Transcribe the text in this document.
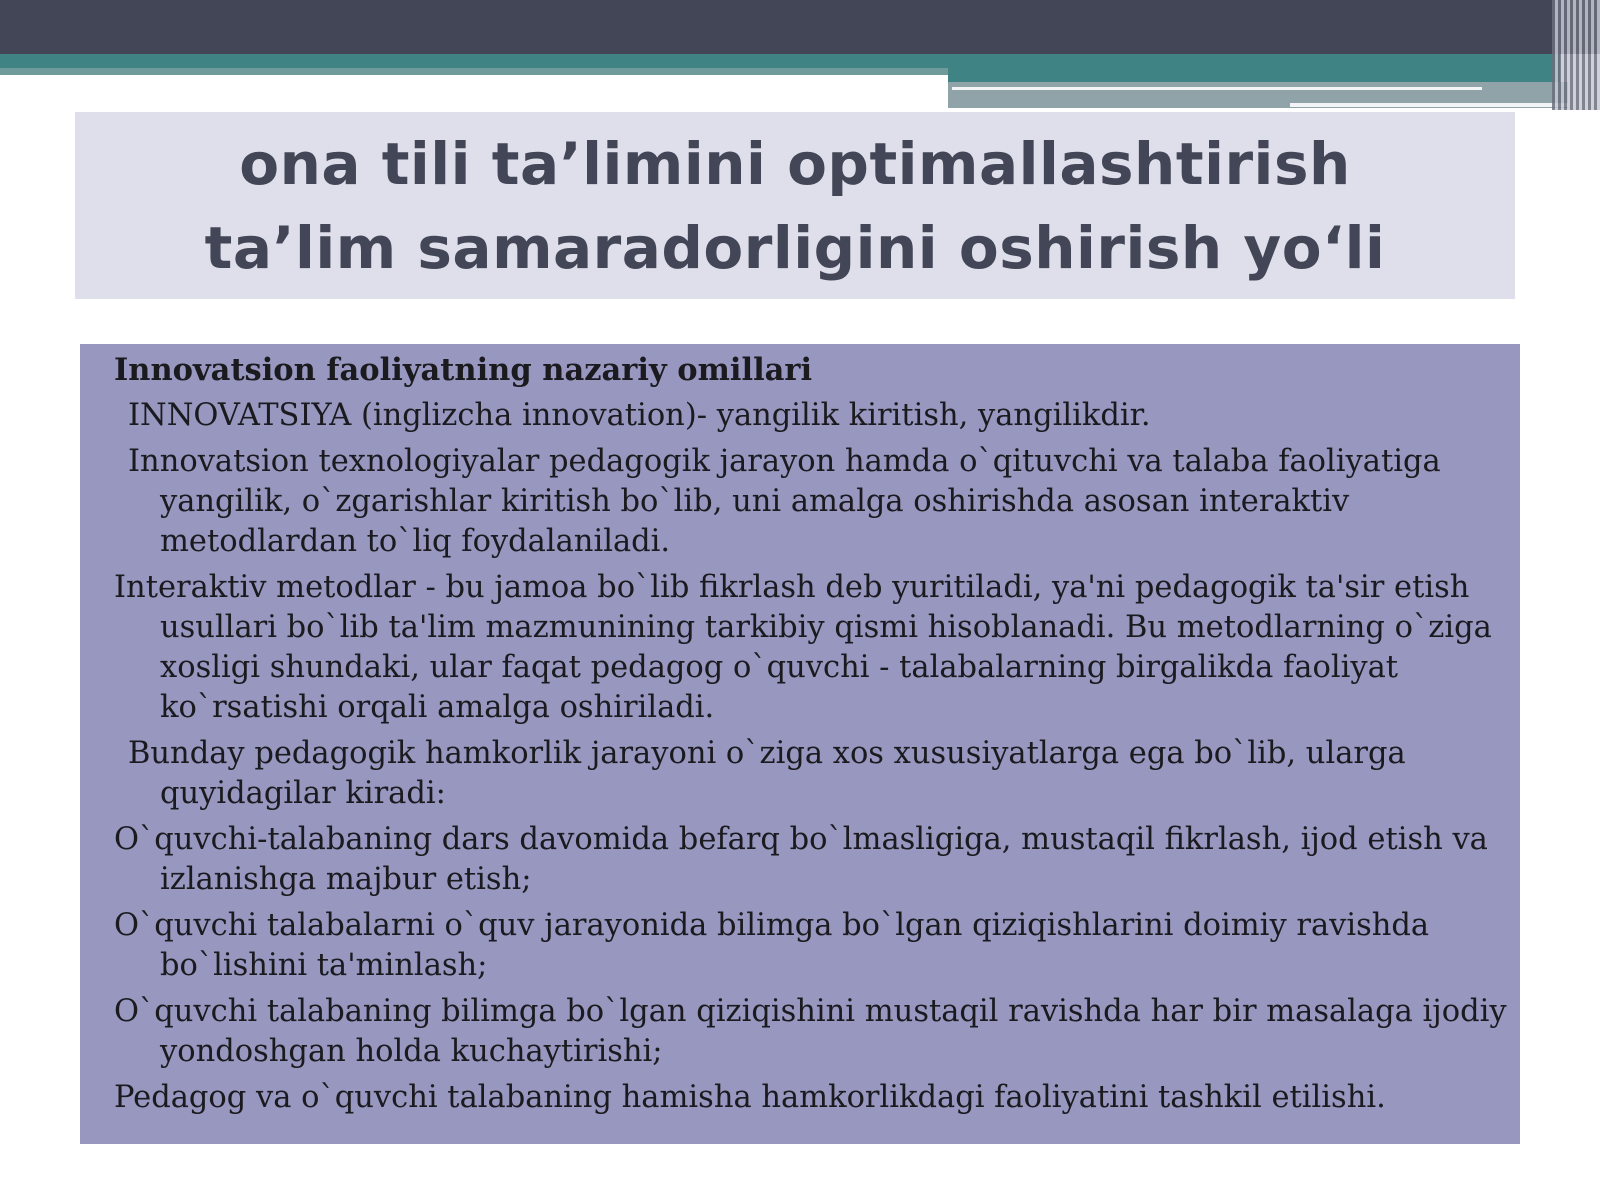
ona tili ta’limini optimallashtirish
ta’lim samaradorligini oshirish yo‘li

Innovatsion faoliyatning nazariy omillari

INNOVATSIYA (inglizcha innovation)- yangilik kiritish, yangilikdir.

Innovatsion texnologiyalar pedagogik jarayon hamda o`qituvchi va talaba faoliyatiga yangilik, o`zgarishlar kiritish bo`lib, uni amalga oshirishda asosan interaktiv metodlardan to`liq foydalaniladi.

Interaktiv metodlar - bu jamoa bo`lib fikrlash deb yuritiladi, ya'ni pedagogik ta'sir etish usullari bo`lib ta'lim mazmunining tarkibiy qismi hisoblanadi. Bu metodlarning o`ziga xosligi shundaki, ular faqat pedagog o`quvchi - talabalarning birgalikda faoliyat ko`rsatishi orqali amalga oshiriladi.

Bunday pedagogik hamkorlik jarayoni o`ziga xos xususiyatlarga ega bo`lib, ularga quyidagilar kiradi:

O`quvchi-talabaning dars davomida befarq bo`lmasligiga, mustaqil fikrlash, ijod etish va izlanishga majbur etish;

O`quvchi talabalarni o`quv jarayonida bilimga bo`lgan qiziqishlarini doimiy ravishda bo`lishini ta'minlash;

O`quvchi talabaning bilimga bo`lgan qiziqishini mustaqil ravishda har bir masalaga ijodiy yondoshgan holda kuchaytirishi;

Pedagog va o`quvchi talabaning hamisha hamkorlikdagi faoliyatini tashkil etilishi.
